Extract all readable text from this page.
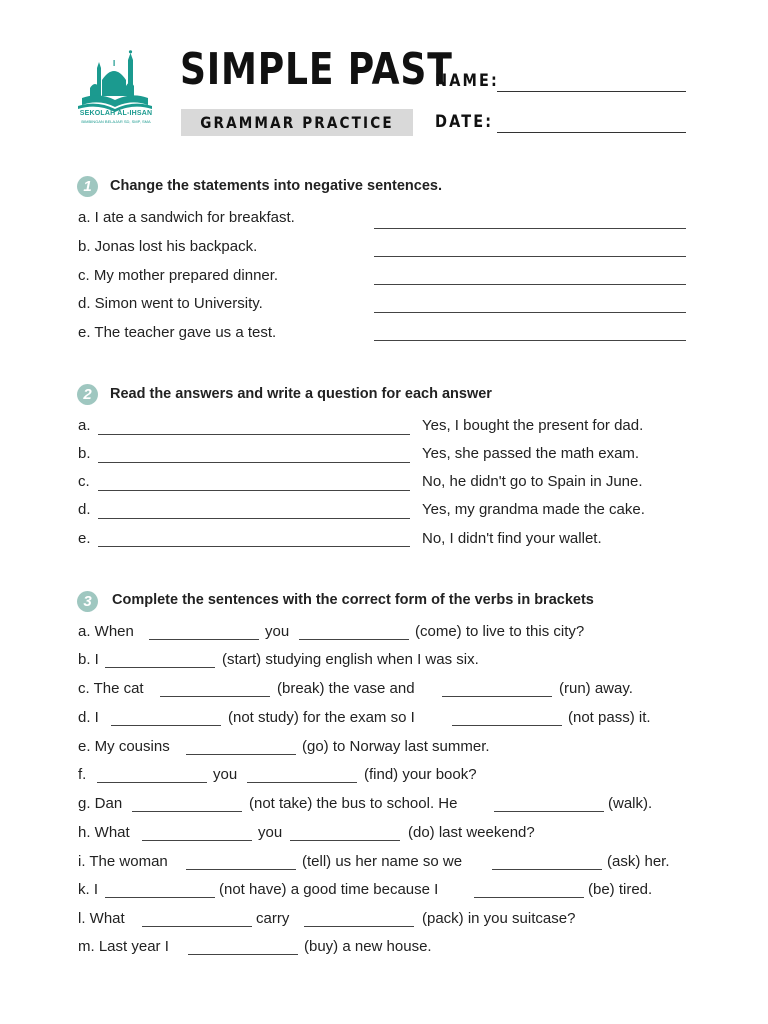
SEKOLAH AL-IHSAN
BIMBINGAN BELAJAR SD, SMP, SMA
SIMPLE PAST
GRAMMAR PRACTICE
NAME:
DATE:
1	Change the statements into negative sentences.
a. I ate a sandwich for breakfast.
b. Jonas lost his backpack.
c. My mother prepared dinner.
d. Simon went to University.
e. The teacher gave us a test.
2	Read the answers and write a question for each answer
a.	Yes, I bought the present for dad.
b.	Yes, she passed the math exam.
c.	No, he didn't go to Spain in June.
d.	Yes, my grandma made the cake.
e.	No, I didn't find your wallet.
3	Complete the sentences with the correct form of the verbs in brackets
a. When	you	(come) to live to this city?
b. I	(start) studying english when I was six.
c. The cat	(break) the vase and	(run) away.
d. I	(not study) for the exam so I	(not pass) it.
e. My cousins	(go) to Norway last summer.
f.	you	(find) your book?
g. Dan	(not take) the bus to school. He	(walk).
h. What	you	(do) last weekend?
i. The woman	(tell) us her name so we	(ask) her.
k. I	(not have) a good time because I	(be) tired.
l. What	carry	(pack) in you suitcase?
m. Last year I	(buy) a new house.
